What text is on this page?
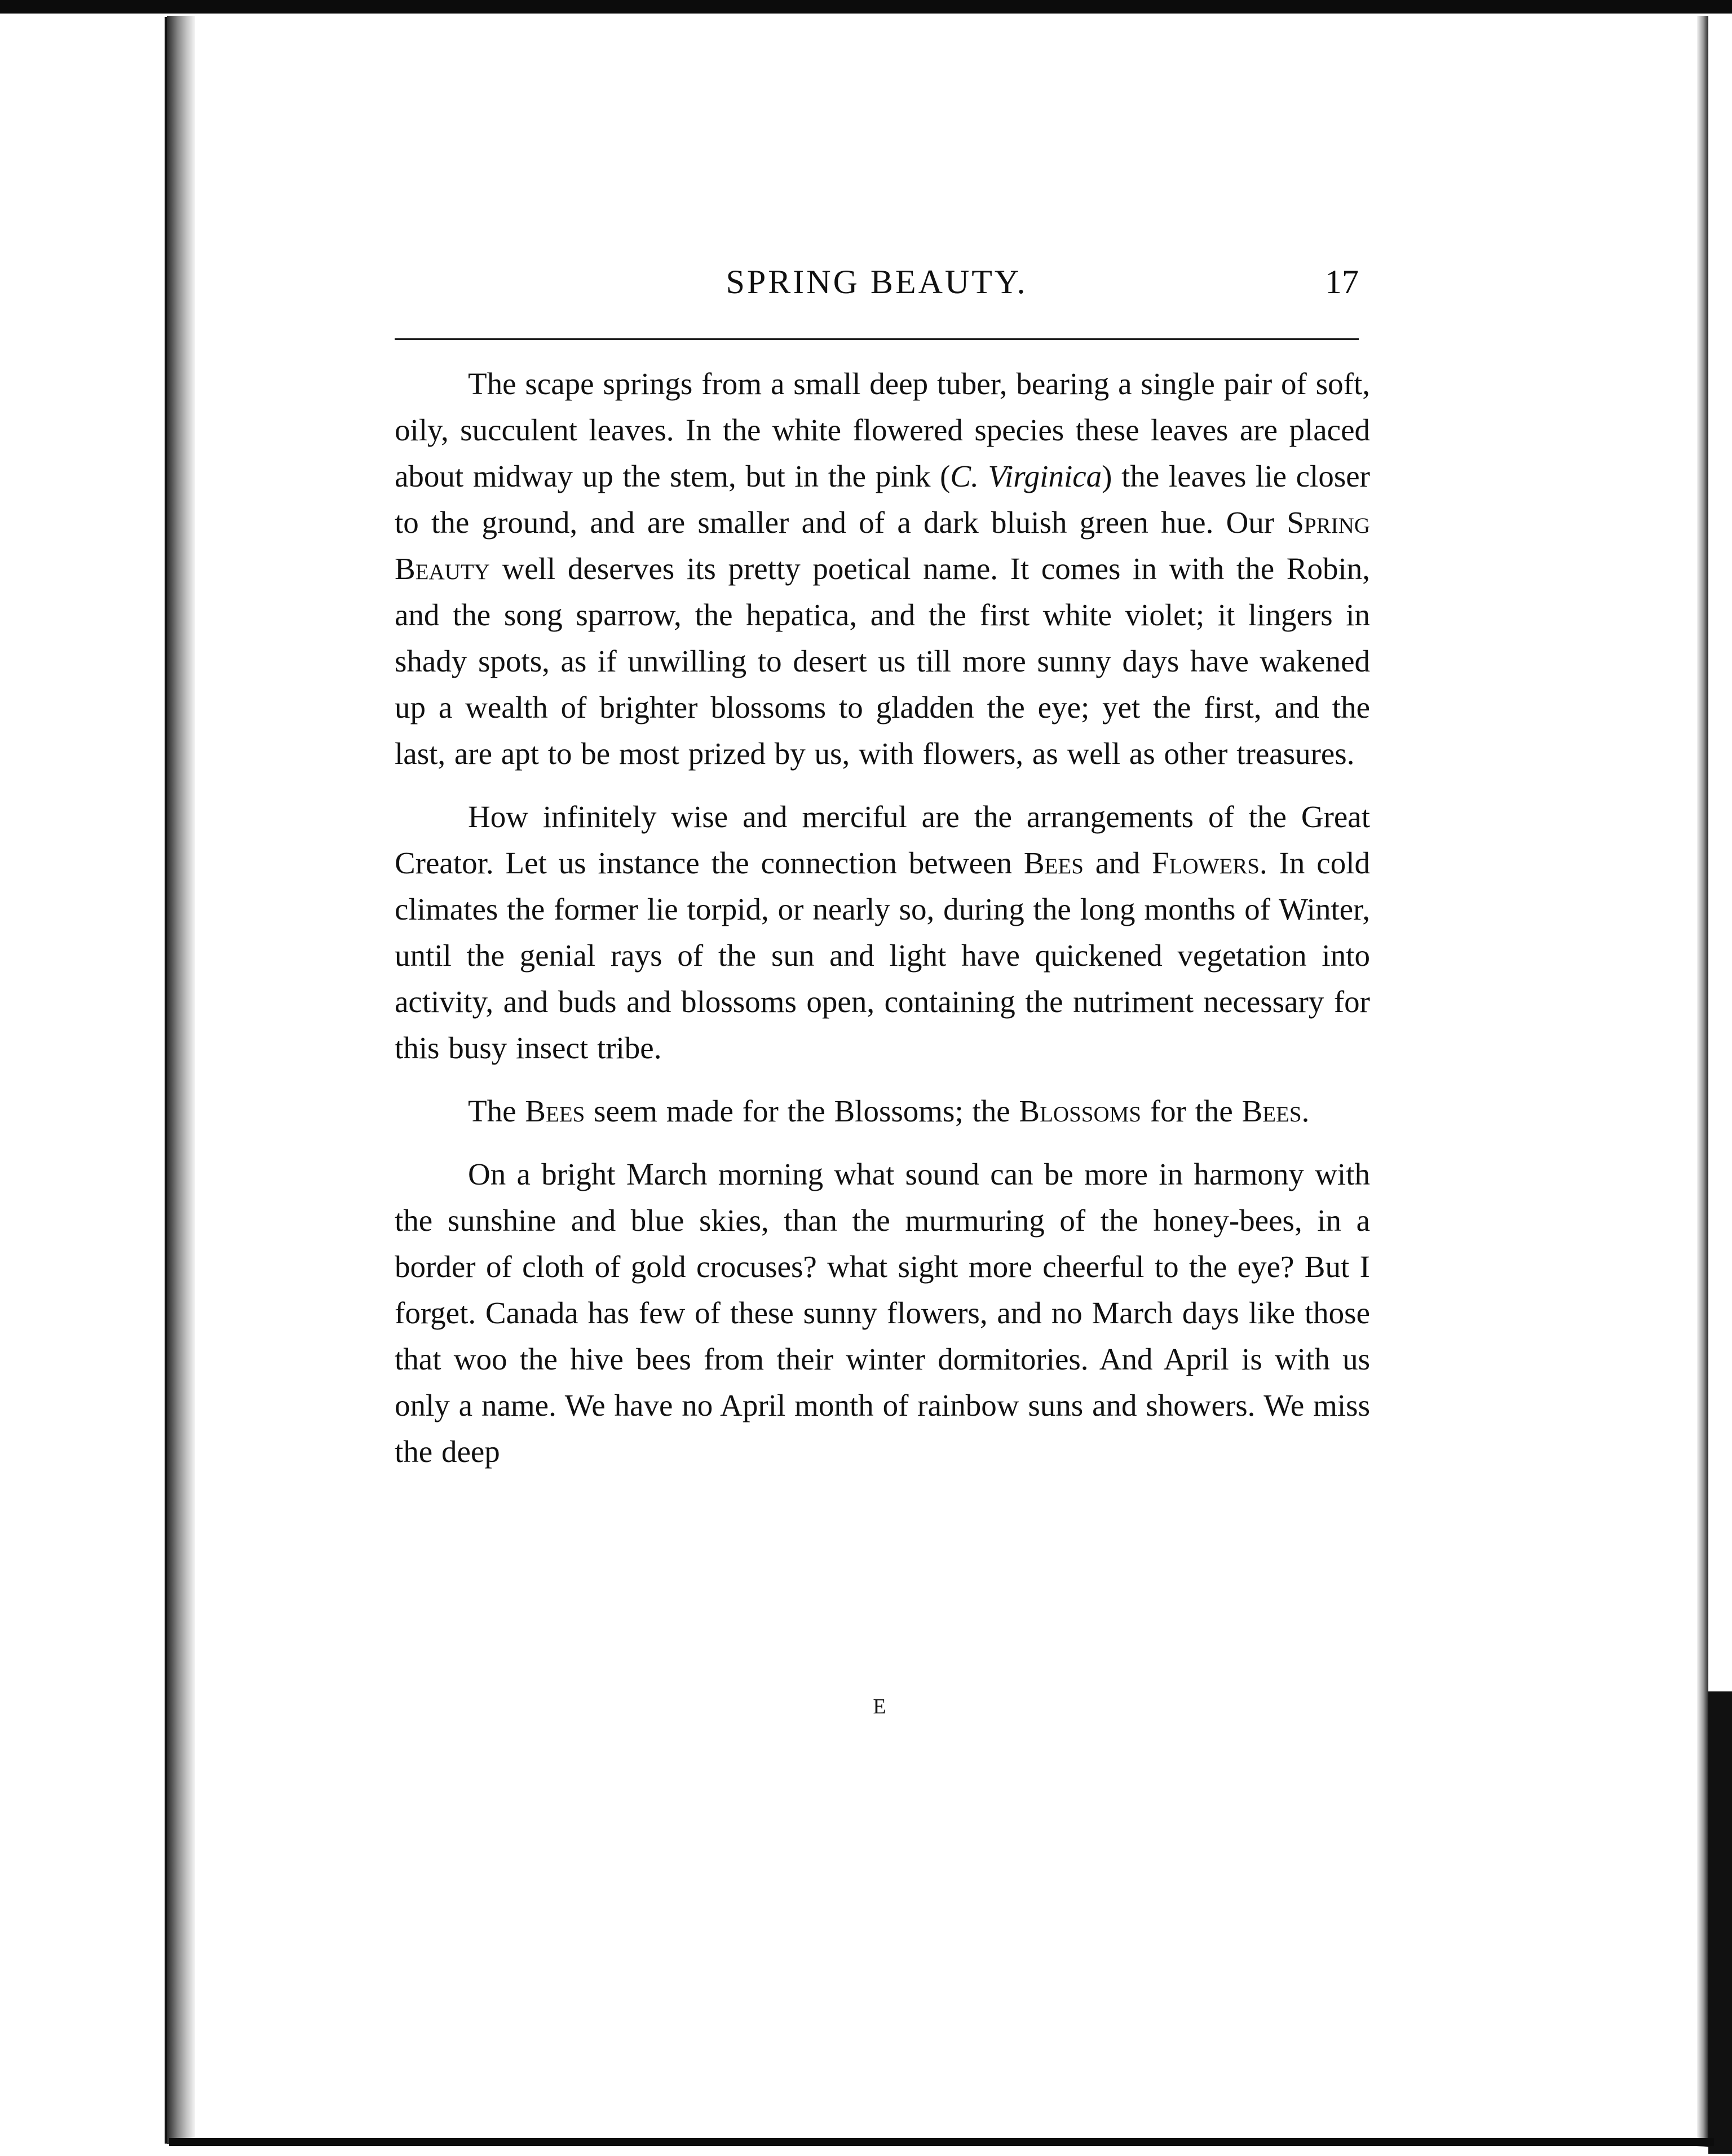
SPRING BEAUTY.	17

The scape springs from a small deep tuber, bearing a single pair of soft, oily, succulent leaves. In the white flowered species these leaves are placed about midway up the stem, but in the pink (C. Virginica) the leaves lie closer to the ground, and are smaller and of a dark bluish green hue. Our Spring Beauty well deserves its pretty poetical name. It comes in with the Robin, and the song sparrow, the hepatica, and the first white violet; it lingers in shady spots, as if unwilling to desert us till more sunny days have wakened up a wealth of brighter blossoms to gladden the eye; yet the first, and the last, are apt to be most prized by us, with flowers, as well as other treasures.

How infinitely wise and merciful are the arrangements of the Great Creator. Let us instance the connection between Bees and Flowers. In cold climates the former lie torpid, or nearly so, during the long months of Winter, until the genial rays of the sun and light have quickened vegetation into activity, and buds and blossoms open, containing the nutriment necessary for this busy insect tribe.

The Bees seem made for the Blossoms; the Blossoms for the Bees.

On a bright March morning what sound can be more in harmony with the sunshine and blue skies, than the murmuring of the honey-bees, in a border of cloth of gold crocuses? what sight more cheerful to the eye? But I forget. Canada has few of these sunny flowers, and no March days like those that woo the hive bees from their winter dormitories. And April is with us only a name. We have no April month of rainbow suns and showers. We miss the deep

E
